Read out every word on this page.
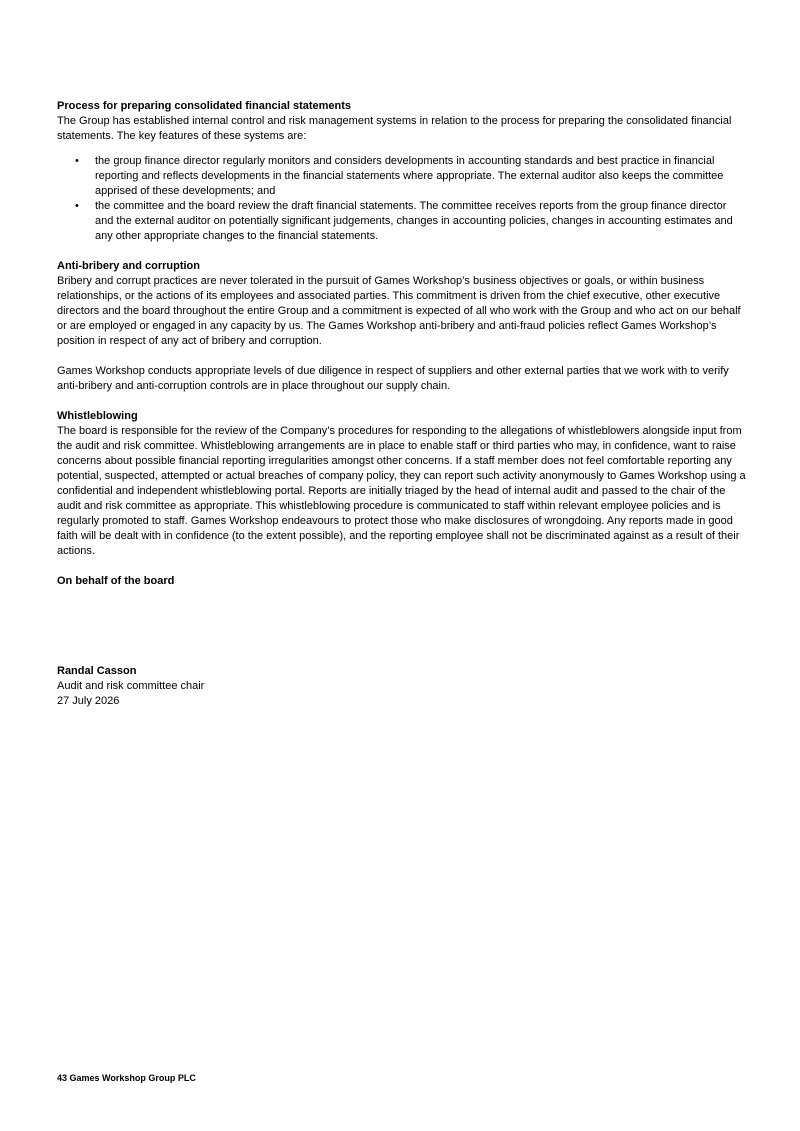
Process for preparing consolidated financial statements

The Group has established internal control and risk management systems in relation to the process for preparing the consolidated financial statements. The key features of these systems are:

• the group finance director regularly monitors and considers developments in accounting standards and best practice in financial reporting and reflects developments in the financial statements where appropriate. The external auditor also keeps the committee apprised of these developments; and
• the committee and the board review the draft financial statements. The committee receives reports from the group finance director and the external auditor on potentially significant judgements, changes in accounting policies, changes in accounting estimates and any other appropriate changes to the financial statements.

Anti-bribery and corruption

Bribery and corrupt practices are never tolerated in the pursuit of Games Workshop’s business objectives or goals, or within business relationships, or the actions of its employees and associated parties. This commitment is driven from the chief executive, other executive directors and the board throughout the entire Group and a commitment is expected of all who work with the Group and who act on our behalf or are employed or engaged in any capacity by us. The Games Workshop anti-bribery and anti-fraud policies reflect Games Workshop’s position in respect of any act of bribery and corruption.

Games Workshop conducts appropriate levels of due diligence in respect of suppliers and other external parties that we work with to verify anti-bribery and anti-corruption controls are in place throughout our supply chain.

Whistleblowing

The board is responsible for the review of the Company’s procedures for responding to the allegations of whistleblowers alongside input from the audit and risk committee. Whistleblowing arrangements are in place to enable staff or third parties who may, in confidence, want to raise concerns about possible financial reporting irregularities amongst other concerns. If a staff member does not feel comfortable reporting any potential, suspected, attempted or actual breaches of company policy, they can report such activity anonymously to Games Workshop using a confidential and independent whistleblowing portal. Reports are initially triaged by the head of internal audit and passed to the chair of the audit and risk committee as appropriate. This whistleblowing procedure is communicated to staff within relevant employee policies and is regularly promoted to staff. Games Workshop endeavours to protect those who make disclosures of wrongdoing. Any reports made in good faith will be dealt with in confidence (to the extent possible), and the reporting employee shall not be discriminated against as a result of their actions.

On behalf of the board

Randal Casson

Audit and risk committee chair

27 July 2026

43 Games Workshop Group PLC
